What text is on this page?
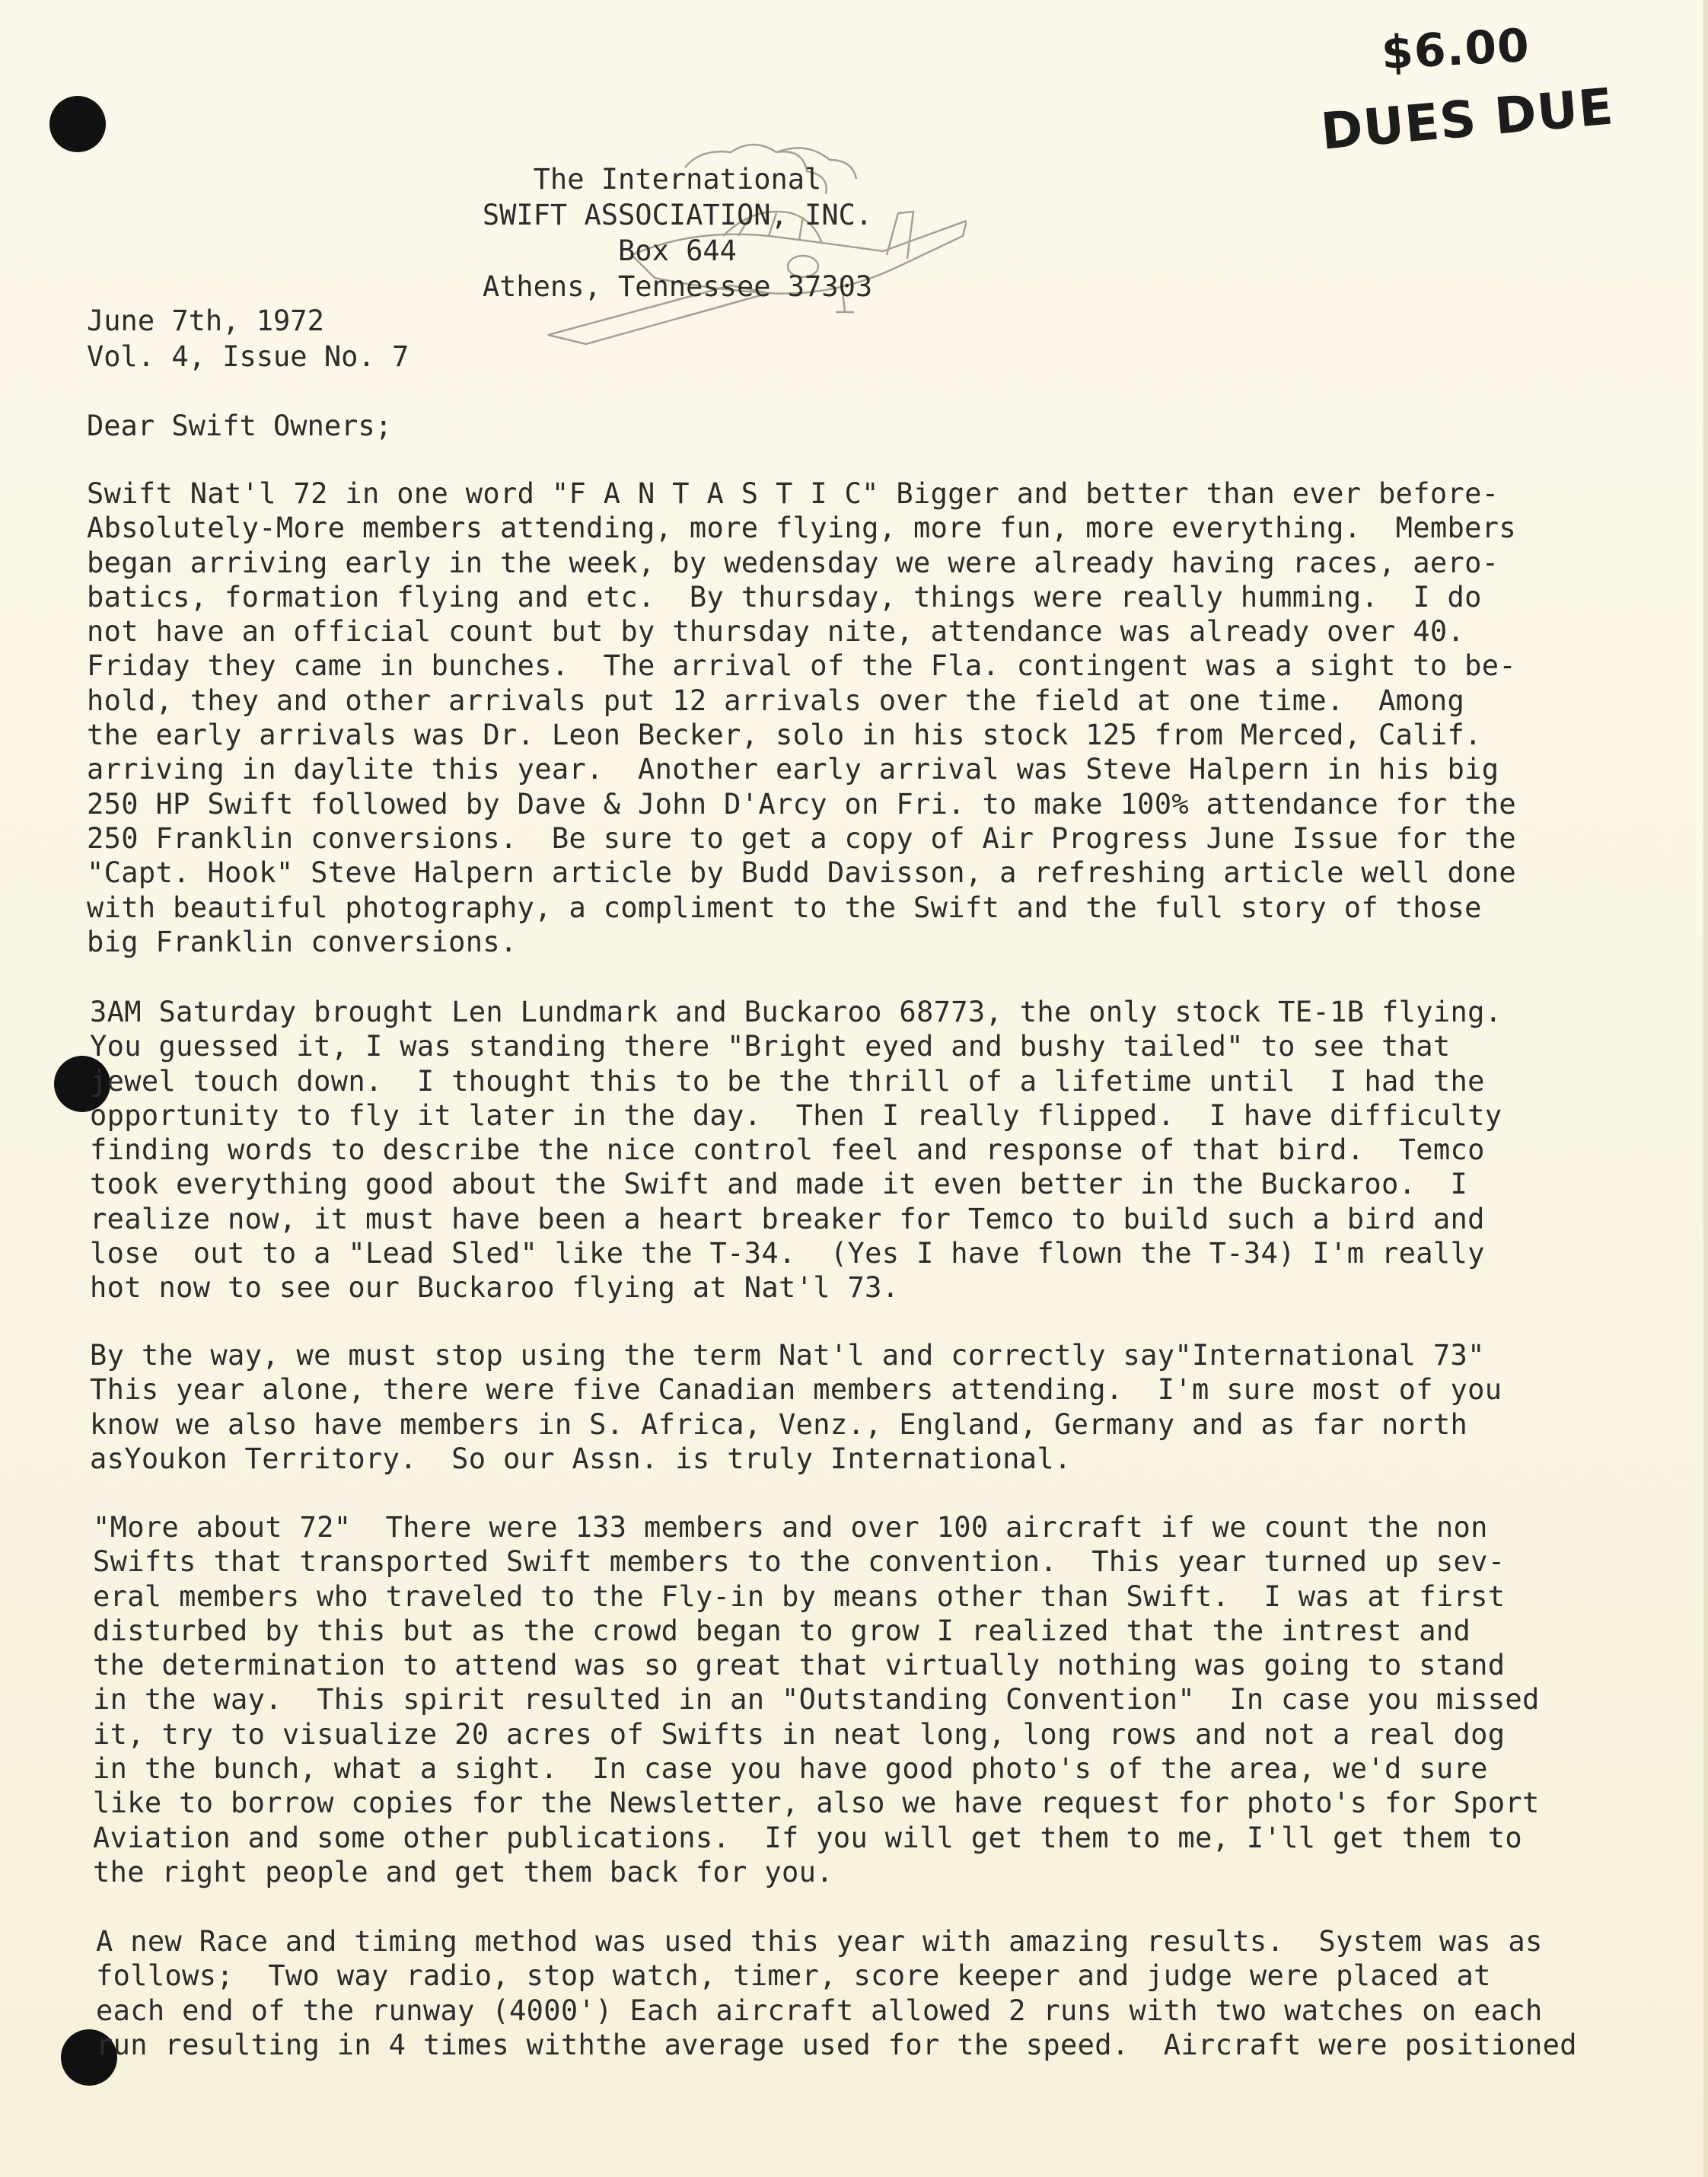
$6.00
DUES DUE
The International
SWIFT ASSOCIATION, INC.
Box 644
Athens, Tennessee 37303
June 7th, 1972
Vol. 4, Issue No. 7
Dear Swift Owners;
Swift Nat'l 72 in one word "F A N T A S T I C" Bigger and better than ever before-
Absolutely-More members attending, more flying, more fun, more everything.  Members
began arriving early in the week, by wedensday we were already having races, aero-
batics, formation flying and etc.  By thursday, things were really humming.  I do
not have an official count but by thursday nite, attendance was already over 40.
Friday they came in bunches.  The arrival of the Fla. contingent was a sight to be-
hold, they and other arrivals put 12 arrivals over the field at one time.  Among
the early arrivals was Dr. Leon Becker, solo in his stock 125 from Merced, Calif.
arriving in daylite this year.  Another early arrival was Steve Halpern in his big
250 HP Swift followed by Dave & John D'Arcy on Fri. to make 100% attendance for the
250 Franklin conversions.  Be sure to get a copy of Air Progress June Issue for the
"Capt. Hook" Steve Halpern article by Budd Davisson, a refreshing article well done
with beautiful photography, a compliment to the Swift and the full story of those
big Franklin conversions.
3AM Saturday brought Len Lundmark and Buckaroo 68773, the only stock TE-1B flying.
You guessed it, I was standing there "Bright eyed and bushy tailed" to see that
jewel touch down.  I thought this to be the thrill of a lifetime until  I had the
opportunity to fly it later in the day.  Then I really flipped.  I have difficulty
finding words to describe the nice control feel and response of that bird.  Temco
took everything good about the Swift and made it even better in the Buckaroo.  I
realize now, it must have been a heart breaker for Temco to build such a bird and
lose  out to a "Lead Sled" like the T-34.  (Yes I have flown the T-34) I'm really
hot now to see our Buckaroo flying at Nat'l 73.
By the way, we must stop using the term Nat'l and correctly say"International 73"
This year alone, there were five Canadian members attending.  I'm sure most of you
know we also have members in S. Africa, Venz., England, Germany and as far north
asYoukon Territory.  So our Assn. is truly International.
"More about 72"  There were 133 members and over 100 aircraft if we count the non
Swifts that transported Swift members to the convention.  This year turned up sev-
eral members who traveled to the Fly-in by means other than Swift.  I was at first
disturbed by this but as the crowd began to grow I realized that the intrest and
the determination to attend was so great that virtually nothing was going to stand
in the way.  This spirit resulted in an "Outstanding Convention"  In case you missed
it, try to visualize 20 acres of Swifts in neat long, long rows and not a real dog
in the bunch, what a sight.  In case you have good photo's of the area, we'd sure
like to borrow copies for the Newsletter, also we have request for photo's for Sport
Aviation and some other publications.  If you will get them to me, I'll get them to
the right people and get them back for you.
A new Race and timing method was used this year with amazing results.  System was as
follows;  Two way radio, stop watch, timer, score keeper and judge were placed at
each end of the runway (4000') Each aircraft allowed 2 runs with two watches on each
run resulting in 4 times withthe average used for the speed.  Aircraft were positioned
